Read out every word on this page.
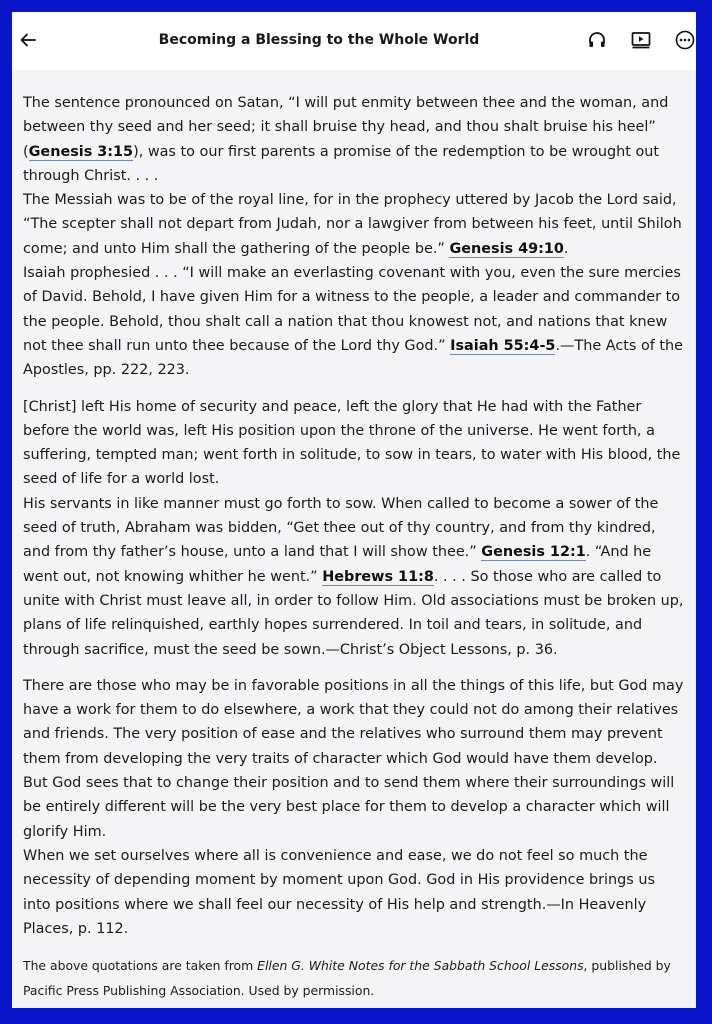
Becoming a Blessing to the Whole World

The sentence pronounced on Satan, “I will put enmity between thee and the woman, and between thy seed and her seed; it shall bruise thy head, and thou shalt bruise his heel” (Genesis 3:15), was to our first parents a promise of the redemption to be wrought out through Christ. . . .
The Messiah was to be of the royal line, for in the prophecy uttered by Jacob the Lord said, “The scepter shall not depart from Judah, nor a lawgiver from between his feet, until Shiloh come; and unto Him shall the gathering of the people be.” Genesis 49:10.
Isaiah prophesied . . . “I will make an everlasting covenant with you, even the sure mercies of David. Behold, I have given Him for a witness to the people, a leader and commander to the people. Behold, thou shalt call a nation that thou knowest not, and nations that knew not thee shall run unto thee because of the Lord thy God.” Isaiah 55:4-5.—The Acts of the Apostles, pp. 222, 223.

[Christ] left His home of security and peace, left the glory that He had with the Father before the world was, left His position upon the throne of the universe. He went forth, a suffering, tempted man; went forth in solitude, to sow in tears, to water with His blood, the seed of life for a world lost.
His servants in like manner must go forth to sow. When called to become a sower of the seed of truth, Abraham was bidden, “Get thee out of thy country, and from thy kindred, and from thy father’s house, unto a land that I will show thee.” Genesis 12:1. “And he went out, not knowing whither he went.” Hebrews 11:8. . . . So those who are called to unite with Christ must leave all, in order to follow Him. Old associations must be broken up, plans of life relinquished, earthly hopes surrendered. In toil and tears, in solitude, and through sacrifice, must the seed be sown.—Christ’s Object Lessons, p. 36.

There are those who may be in favorable positions in all the things of this life, but God may have a work for them to do elsewhere, a work that they could not do among their relatives and friends. The very position of ease and the relatives who surround them may prevent them from developing the very traits of character which God would have them develop. But God sees that to change their position and to send them where their surroundings will be entirely different will be the very best place for them to develop a character which will glorify Him.
When we set ourselves where all is convenience and ease, we do not feel so much the necessity of depending moment by moment upon God. God in His providence brings us into positions where we shall feel our necessity of His help and strength.—In Heavenly Places, p. 112.

The above quotations are taken from Ellen G. White Notes for the Sabbath School Lessons, published by Pacific Press Publishing Association. Used by permission.
